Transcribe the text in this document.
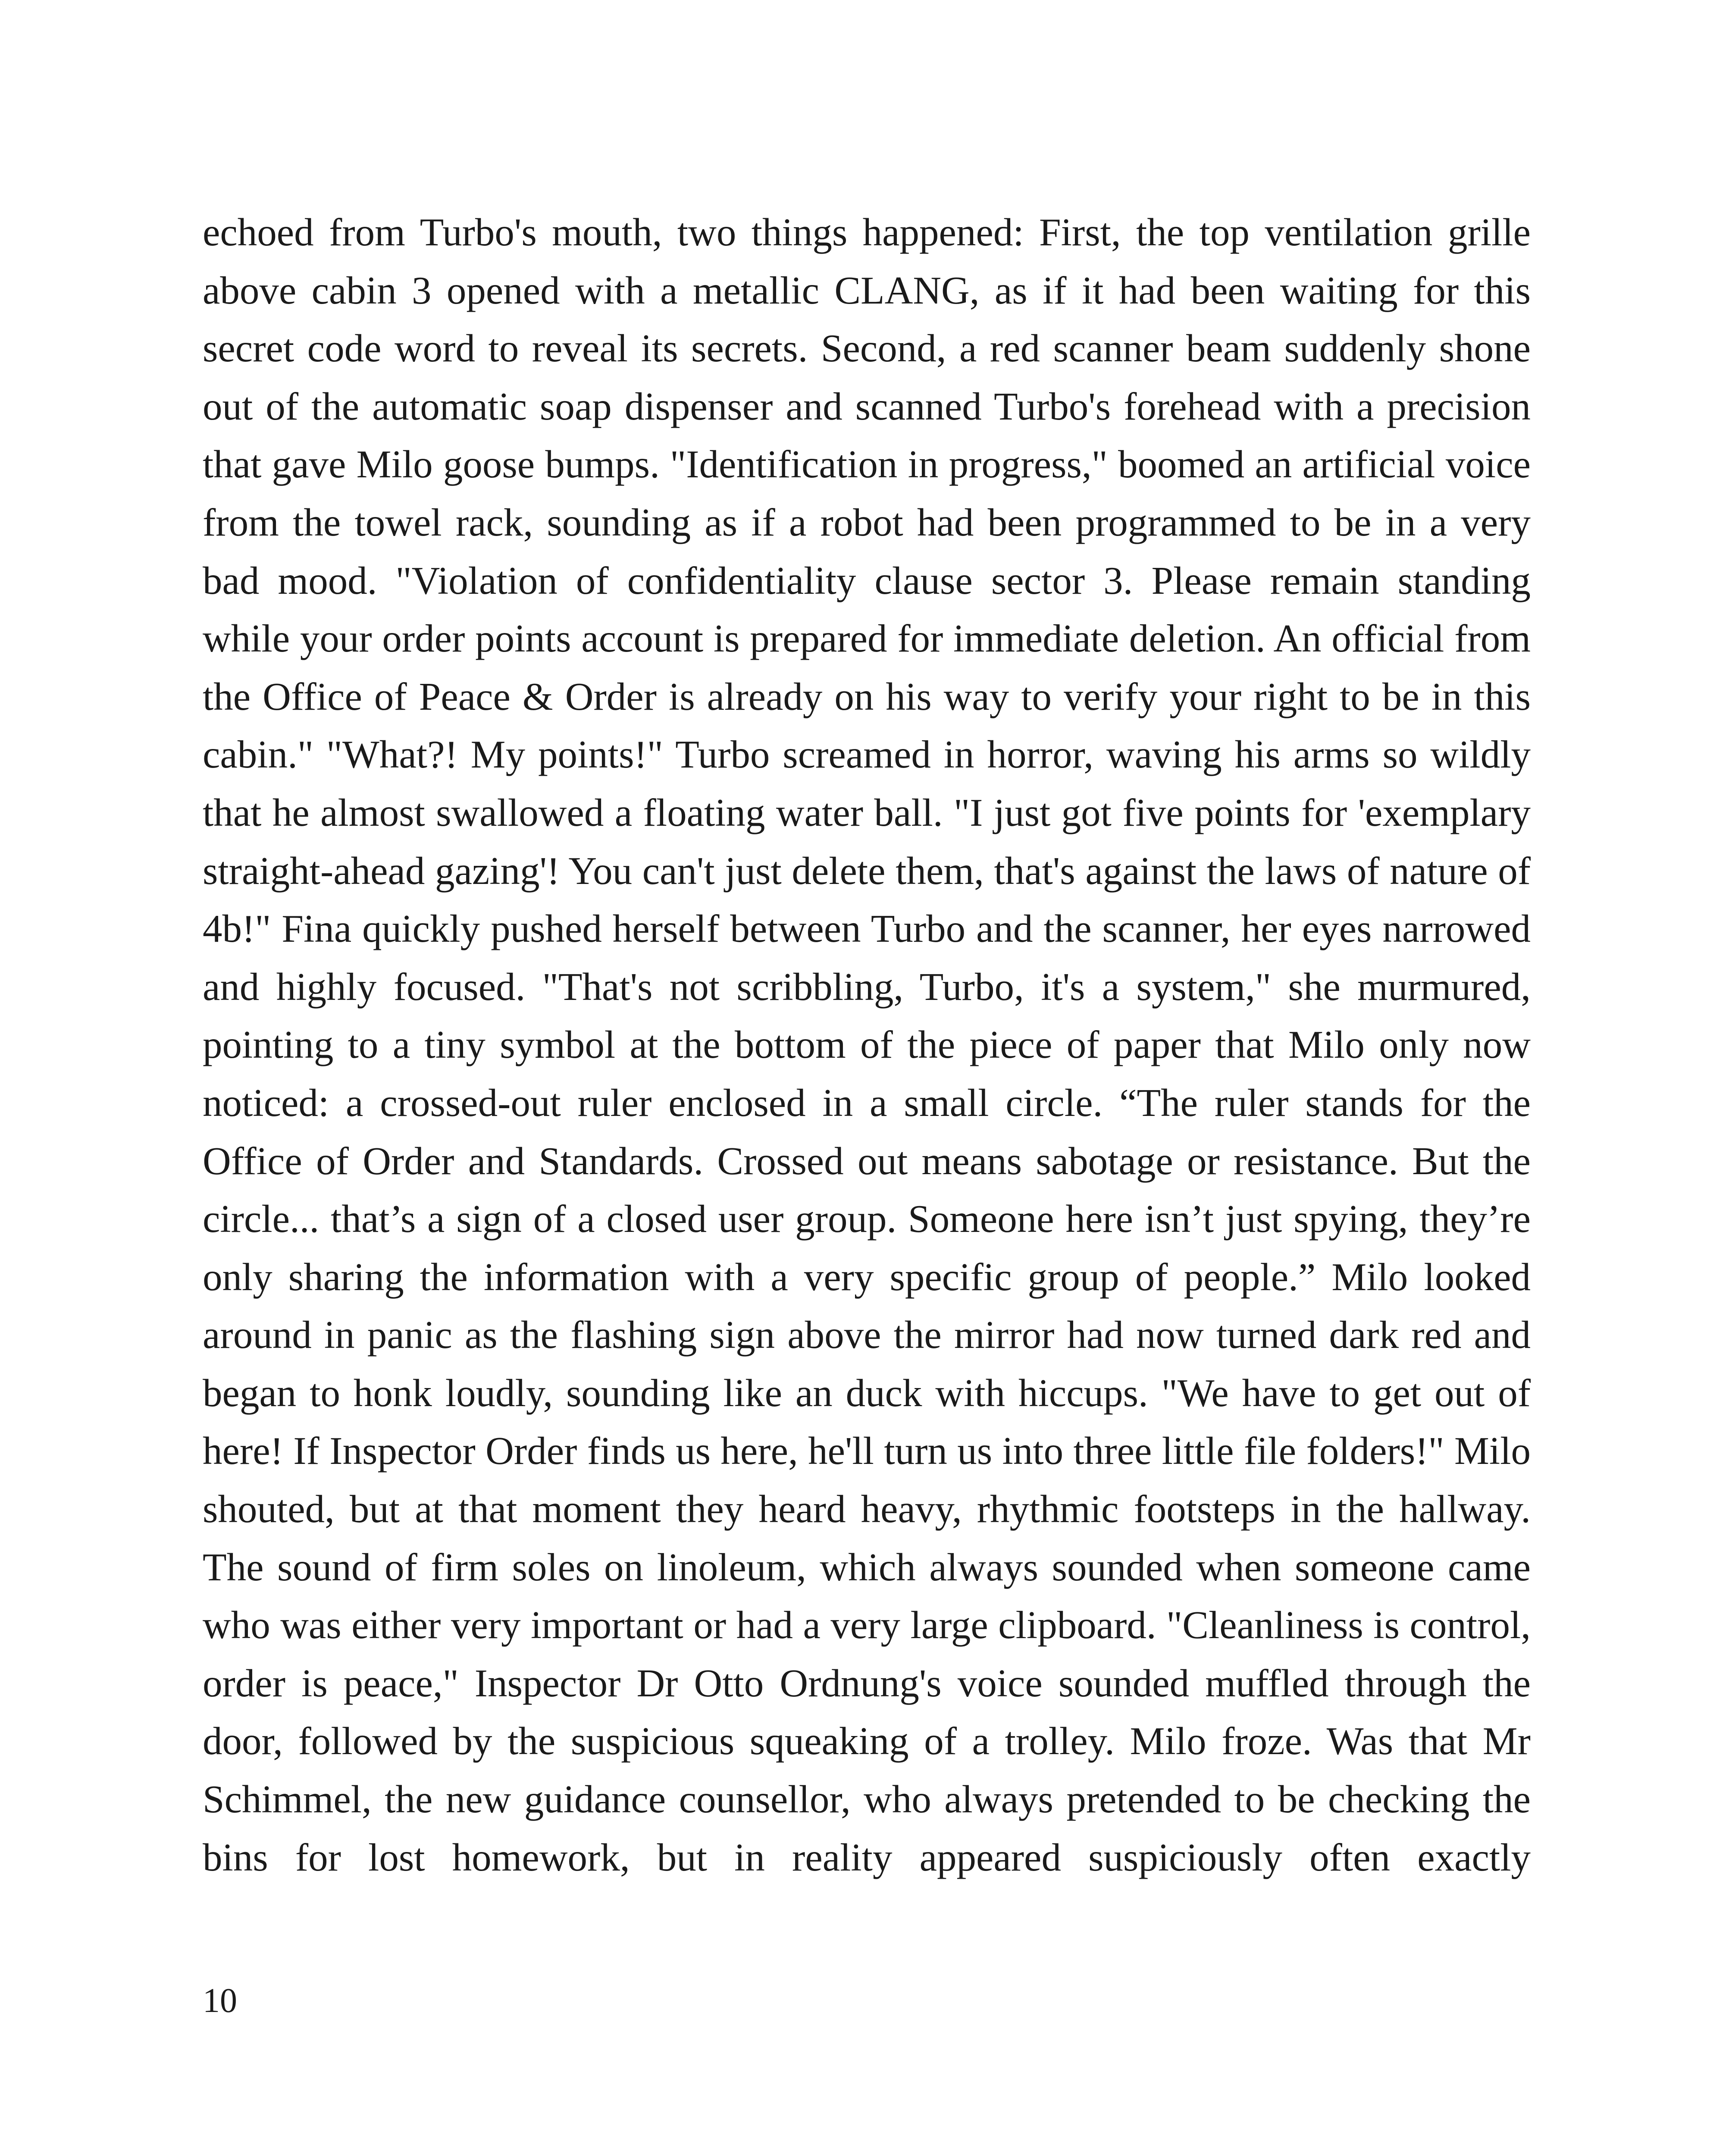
echoed from Turbo's mouth, two things happened: First, the top ventilation grille above cabin 3 opened with a metallic CLANG, as if it had been waiting for this secret code word to reveal its secrets. Second, a red scanner beam suddenly shone out of the automatic soap dispenser and scanned Turbo's forehead with a precision that gave Milo goose bumps. "Identification in progress," boomed an artificial voice from the towel rack, sounding as if a robot had been programmed to be in a very bad mood. "Violation of confidentiality clause sector 3. Please remain standing while your order points account is prepared for immediate deletion. An official from the Office of Peace & Order is already on his way to verify your right to be in this cabin." "What?! My points!" Turbo screamed in horror, waving his arms so wildly that he almost swallowed a floating water ball. "I just got five points for 'exemplary straight-ahead gazing'! You can't just delete them, that's against the laws of nature of 4b!" Fina quickly pushed herself between Turbo and the scanner, her eyes narrowed and highly focused. "That's not scribbling, Turbo, it's a system," she murmured, pointing to a tiny symbol at the bottom of the piece of paper that Milo only now noticed: a crossed-out ruler enclosed in a small circle. “The ruler stands for the Office of Order and Standards. Crossed out means sabotage or resistance. But the circle... that’s a sign of a closed user group. Someone here isn’t just spying, they’re only sharing the information with a very specific group of people.” Milo looked around in panic as the flashing sign above the mirror had now turned dark red and began to honk loudly, sounding like an duck with hiccups. "We have to get out of here! If Inspector Order finds us here, he'll turn us into three little file folders!" Milo shouted, but at that moment they heard heavy, rhythmic footsteps in the hallway. The sound of firm soles on linoleum, which always sounded when someone came who was either very important or had a very large clipboard. "Cleanliness is control, order is peace," Inspector Dr Otto Ordnung's voice sounded muffled through the door, followed by the suspicious squeaking of a trolley. Milo froze. Was that Mr Schimmel, the new guidance counsellor, who always pretended to be checking the bins for lost homework, but in reality appeared suspiciously often exactly

10
